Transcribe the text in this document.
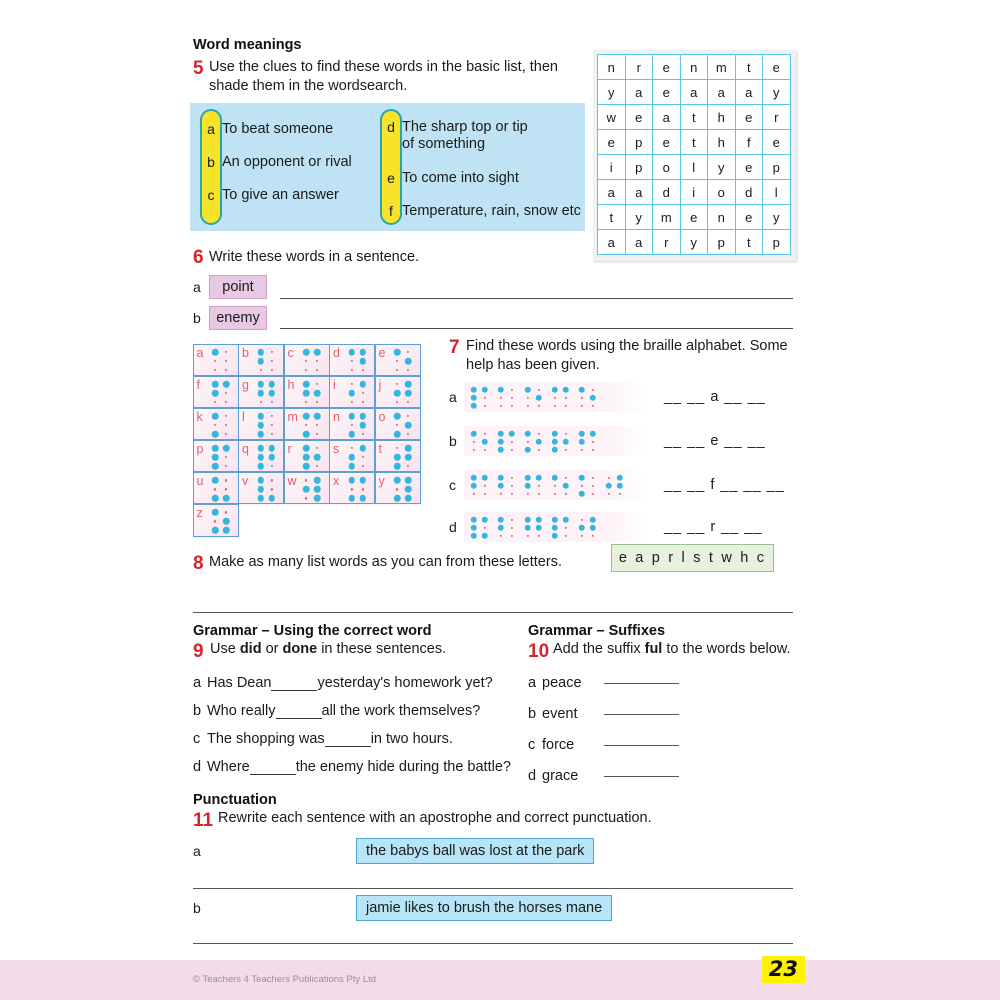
Word meanings
5 Use the clues to find these words in the basic list, then shade them in the wordsearch.
a To beat someone
b An opponent or rival
c To give an answer
d The sharp top or tip of something
e To come into sight
f Temperature, rain, snow etc
n	r	e	n	m	t	e
y	a	e	a	a	a	y
w	e	a	t	h	e	r
e	p	e	t	h	f	e
i	p	o	l	y	e	p
a	a	d	i	o	d	l
t	y	m	e	n	e	y
a	a	r	y	p	t	p
6 Write these words in a sentence.
a	point
b	enemy
a	b	c	d	e
f	g	h	i	j
k	l	m	n	o
p	q	r	s	t
u	v	w	x	y
z
7 Find these words using the braille alphabet. Some help has been given.
a	__ __ a __ __
b	__ __ e __ __
c	__ __ f __ __ __
d	__ __ r __ __
8 Make as many list words as you can from these letters.	e a p r l s t w h c
Grammar – Using the correct word
9 Use did or done in these sentences.
a Has Dean	yesterday's homework yet?
b Who really	all the work themselves?
c The shopping was	in two hours.
d Where	the enemy hide during the battle?
Grammar – Suffixes
10 Add the suffix ful to the words below.
a peace
b event
c force
d grace
Punctuation
11 Rewrite each sentence with an apostrophe and correct punctuation.
a	the babys ball was lost at the park
b	jamie likes to brush the horses mane
© Teachers 4 Teachers Publications Pty Ltd	23
